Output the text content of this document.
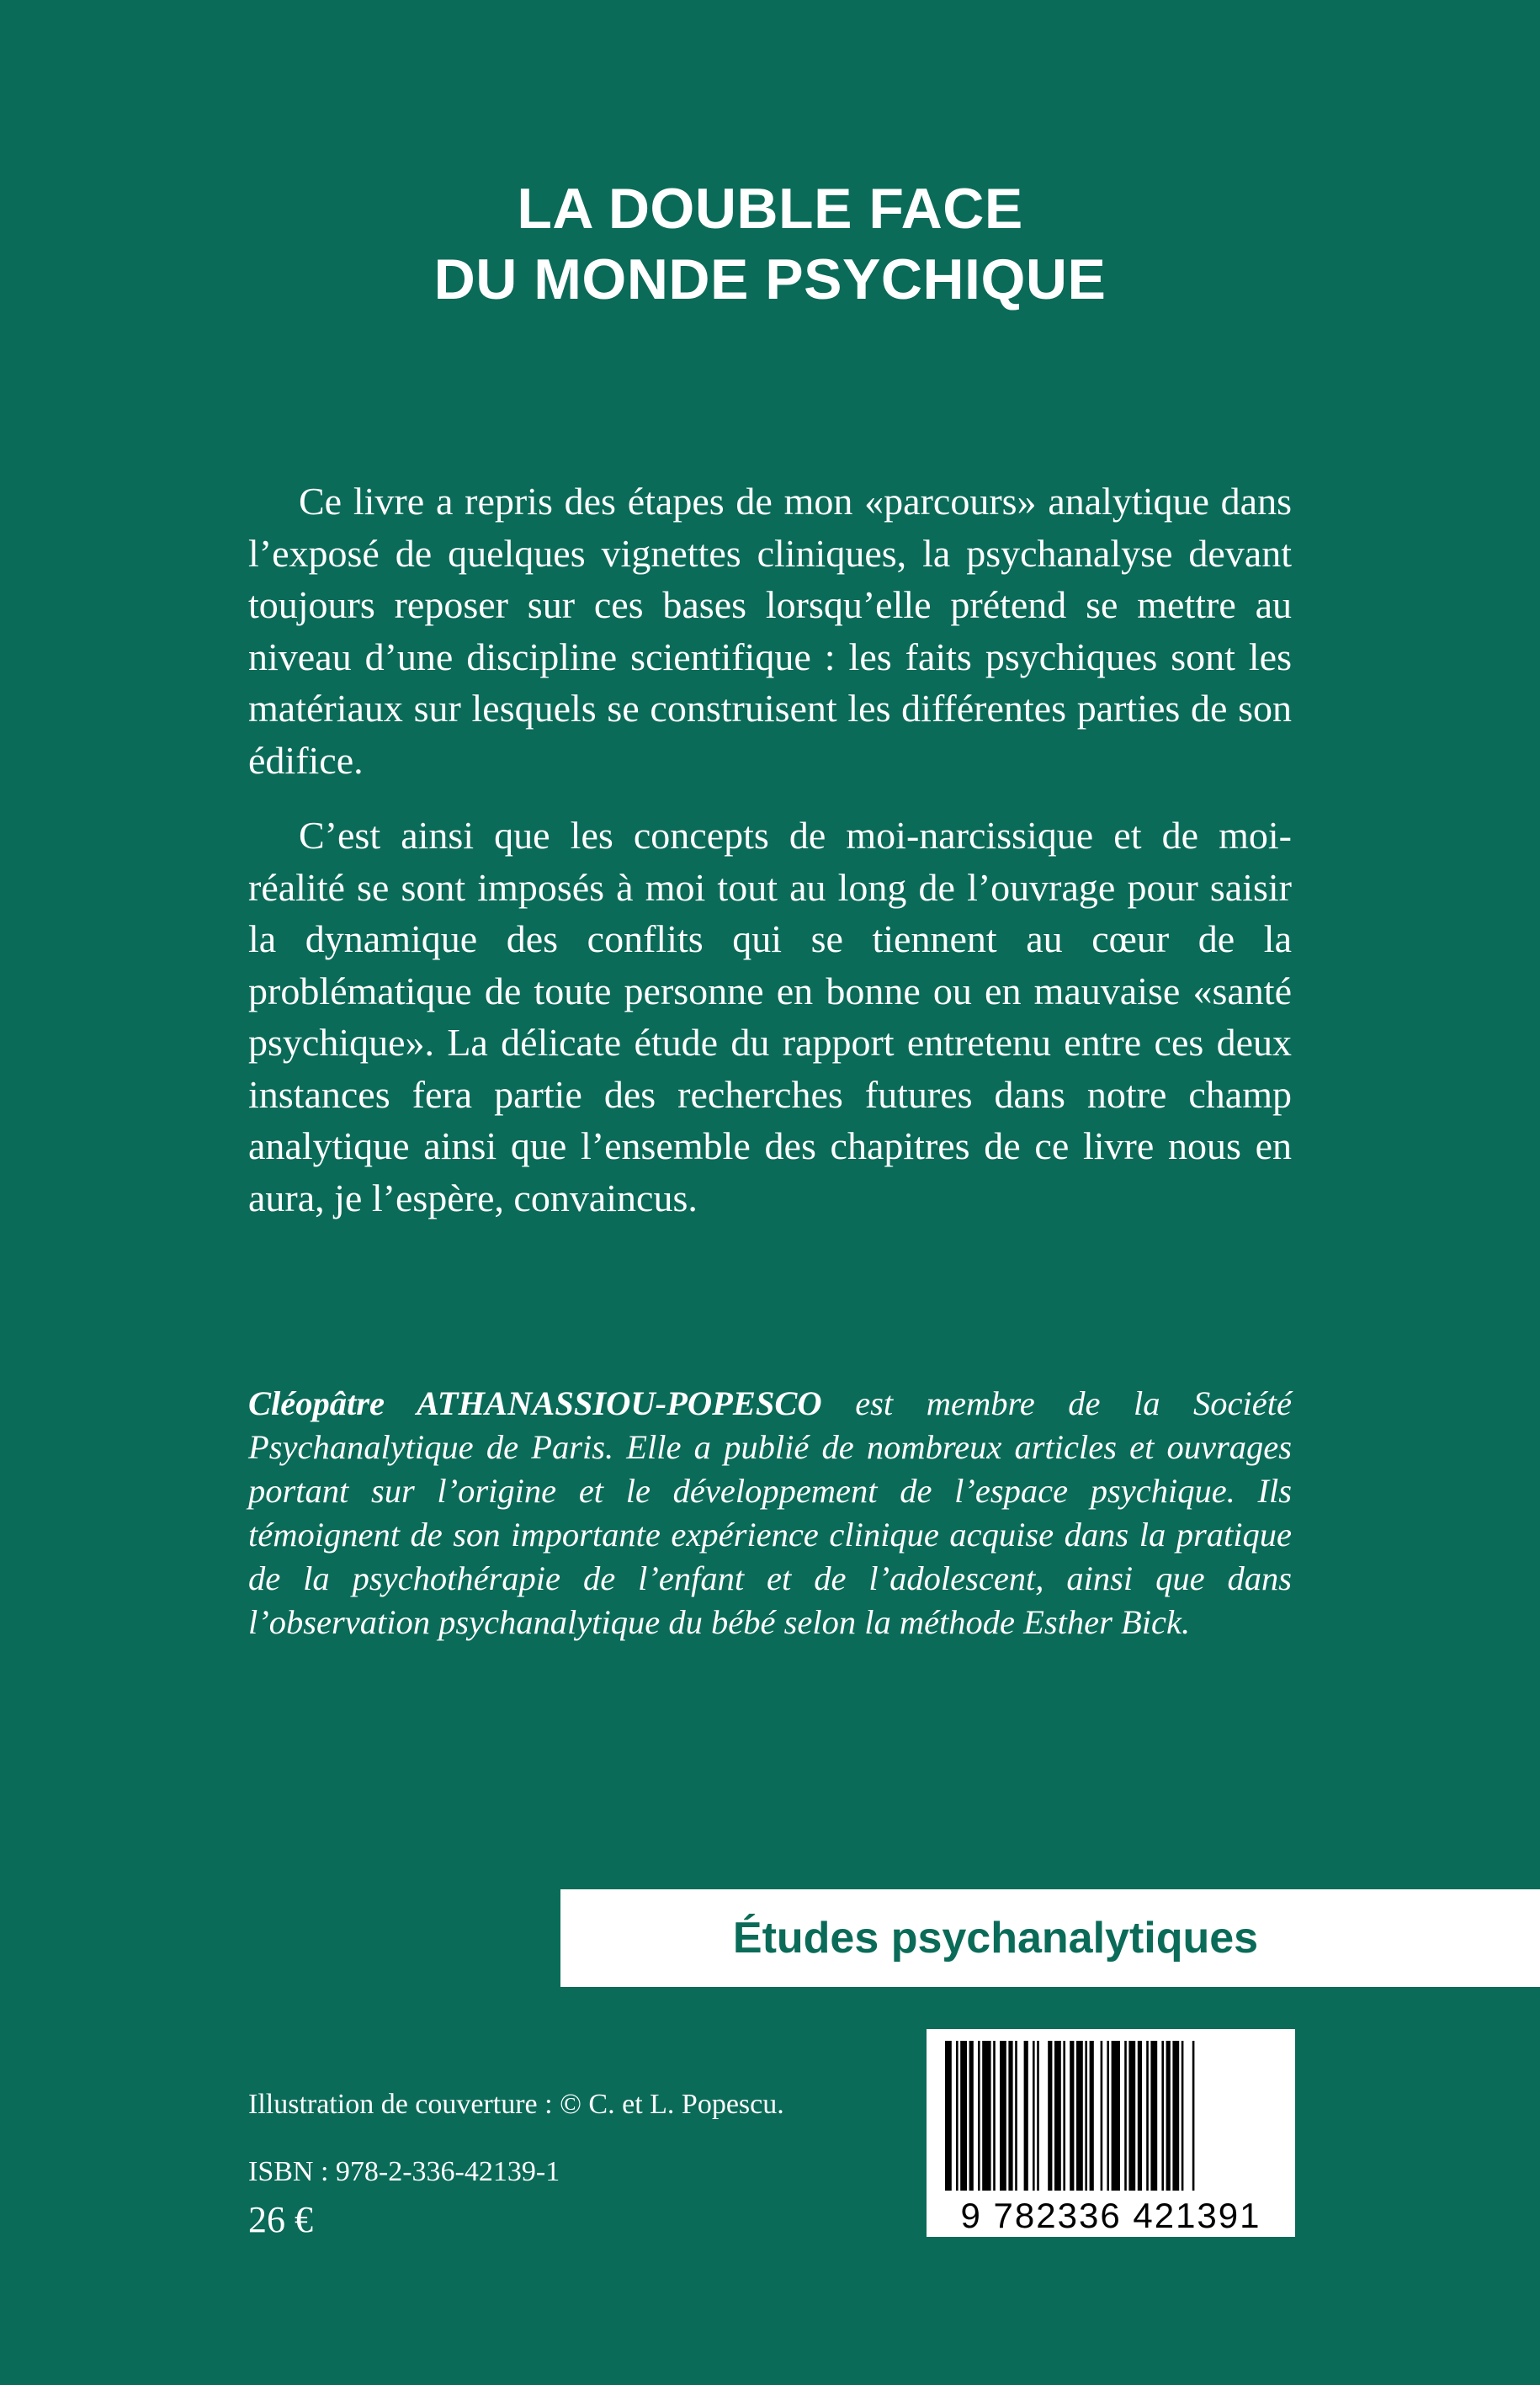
LA DOUBLE FACE
DU MONDE PSYCHIQUE

Ce livre a repris des étapes de mon «parcours» analytique dans l’exposé de quelques vignettes cliniques, la psychanalyse devant toujours reposer sur ces bases lorsqu’elle prétend se mettre au niveau d’une discipline scientifique : les faits psychiques sont les matériaux sur lesquels se construisent les différentes parties de son édifice.

C’est ainsi que les concepts de moi-narcissique et de moi-réalité se sont imposés à moi tout au long de l’ouvrage pour saisir la dynamique des conflits qui se tiennent au cœur de la problématique de toute personne en bonne ou en mauvaise «santé psychique». La délicate étude du rapport entretenu entre ces deux instances fera partie des recherches futures dans notre champ analytique ainsi que l’ensemble des chapitres de ce livre nous en aura, je l’espère, convaincus.

Cléopâtre ATHANASSIOU-POPESCO est membre de la Société Psychanalytique de Paris. Elle a publié de nombreux articles et ouvrages portant sur l’origine et le développement de l’espace psychique. Ils témoignent de son importante expérience clinique acquise dans la pratique de la psychothérapie de l’enfant et de l’adolescent, ainsi que dans l’observation psychanalytique du bébé selon la méthode Esther Bick.
Études psychanalytiques
Illustration de couverture : © C. et L. Popescu.
ISBN : 978-2-336-42139-1
26 €	9 782336 421391
